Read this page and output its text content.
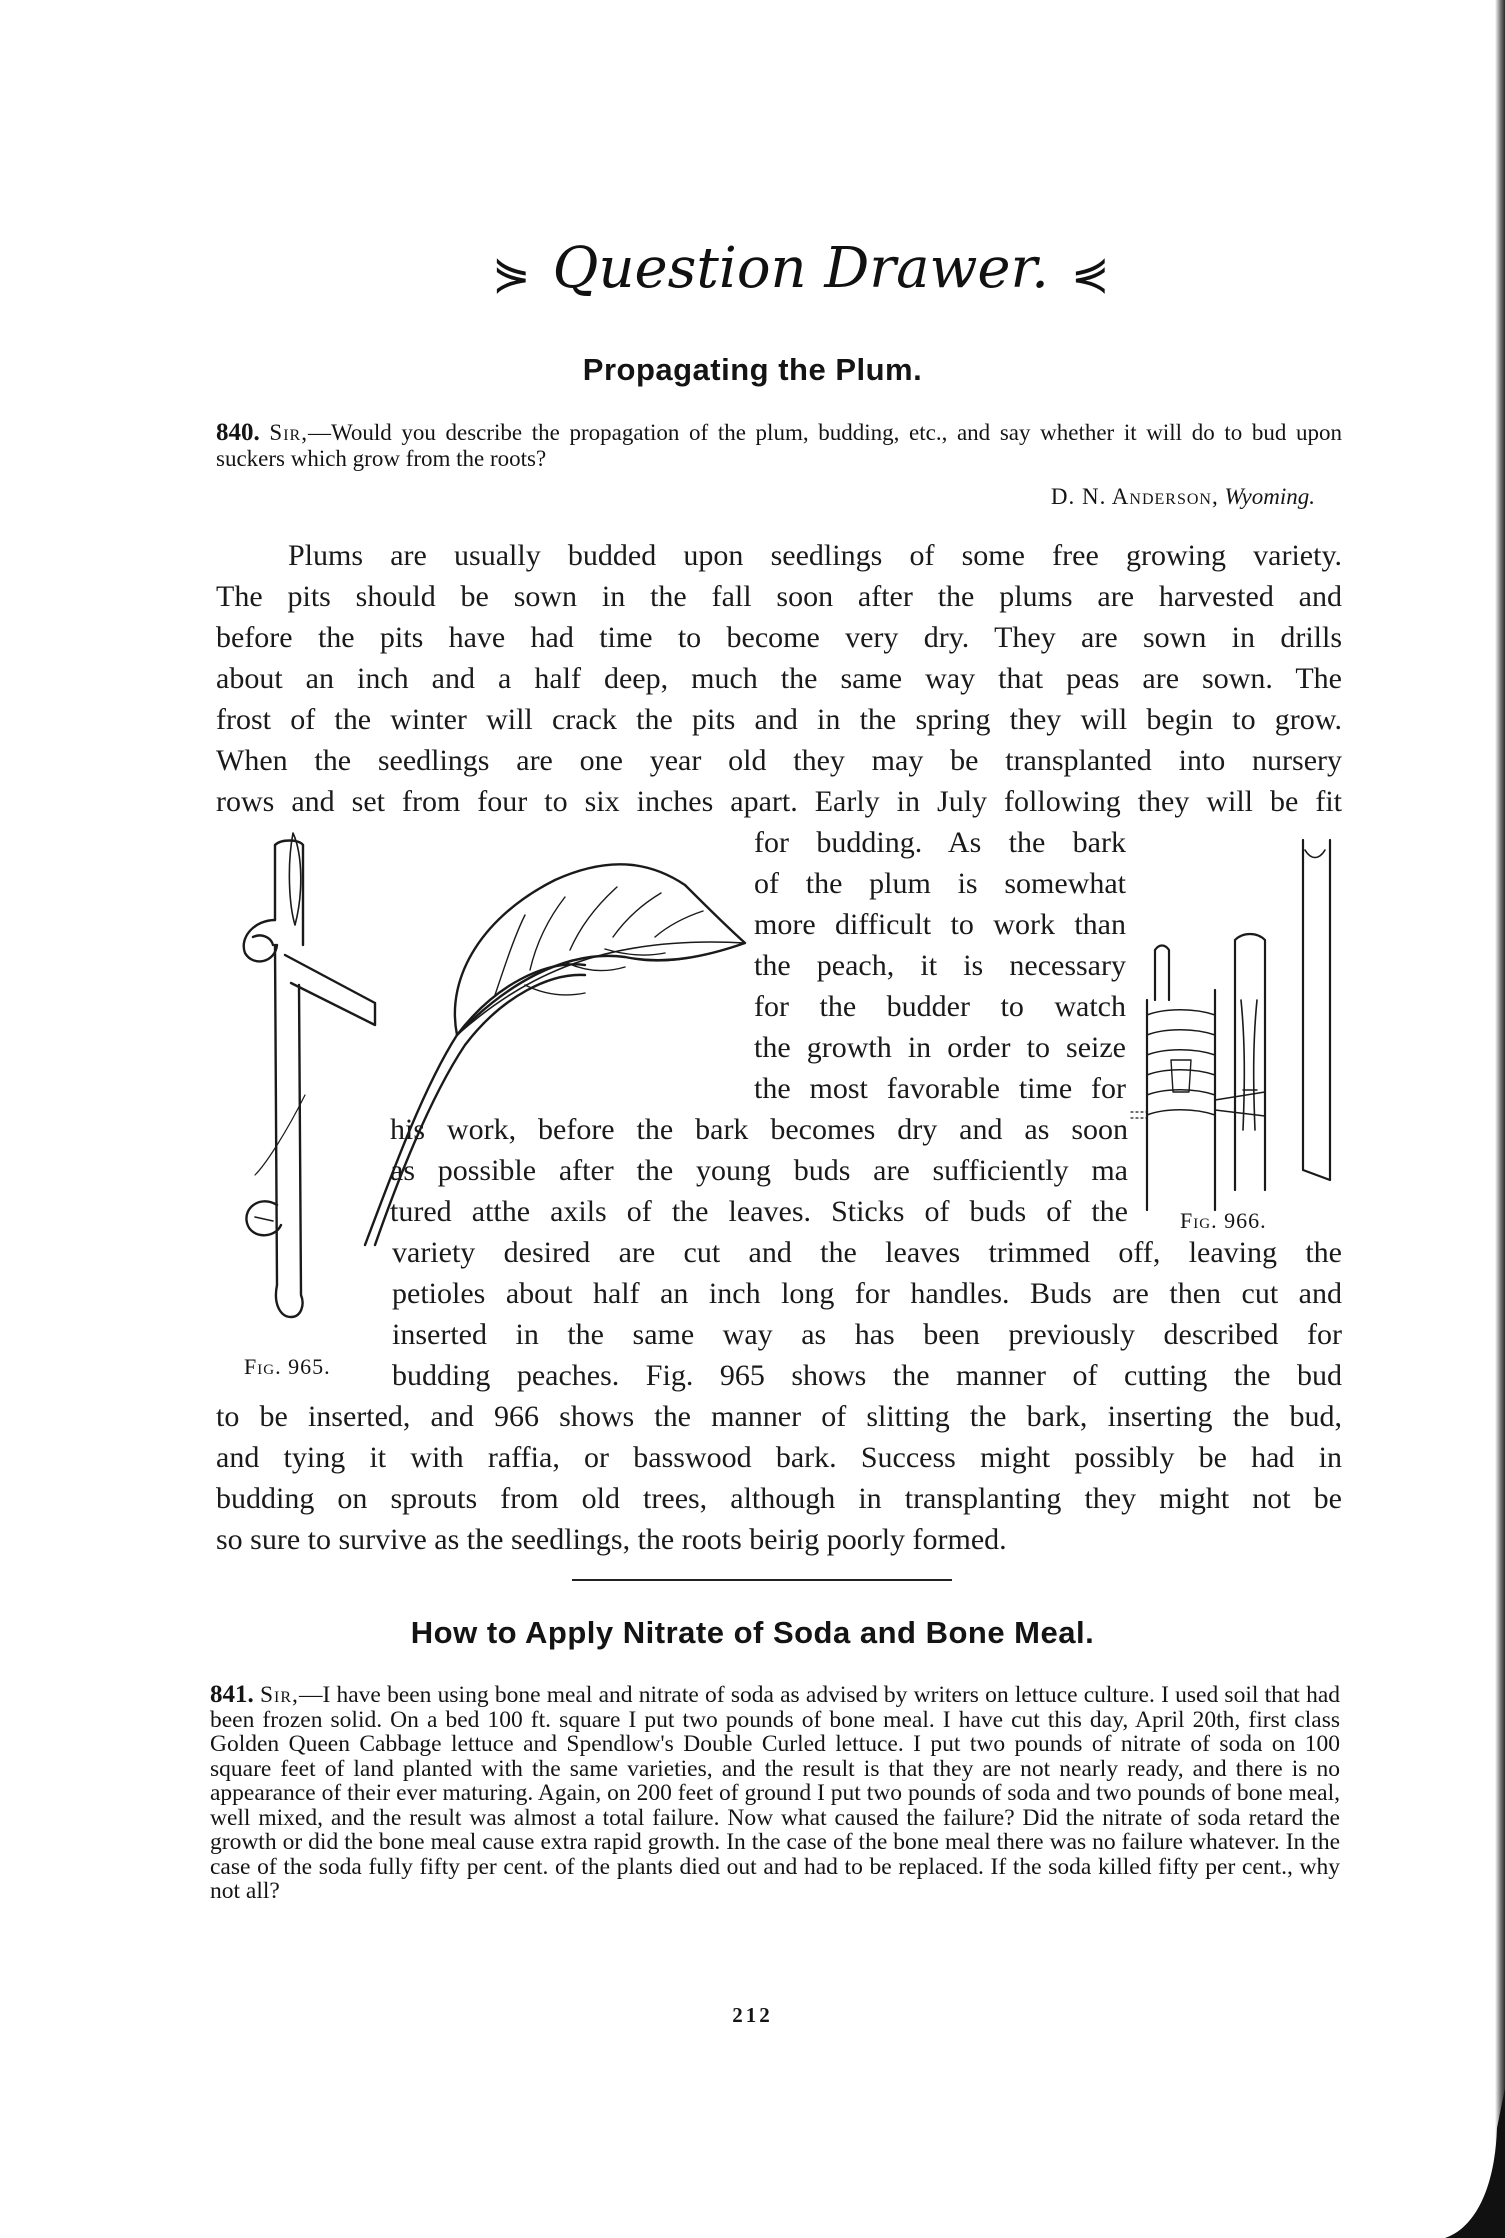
⋟ Question Drawer. ⋞
Propagating the Plum.
840. Sir,—Would you describe the propagation of the plum, budding, etc., and say whether it will do to bud upon suckers which grow from the roots?
D. N. Anderson, Wyoming.
Plums are usually budded upon seedlings of some free growing variety.
The pits should be sown in the fall soon after the plums are harvested and
before the pits have had time to become very dry. They are sown in drills
about an inch and a half deep, much the same way that peas are sown. The
frost of the winter will crack the pits and in the spring they will begin to grow.
When the seedlings are one year old they may be transplanted into nursery
rows and set from four to six inches apart. Early in July following they will be fit
for budding. As the bark
of the plum is somewhat
more difficult to work than
the peach, it is necessary
for the budder to watch
the growth in order to seize
the most favorable time for
his work, before the bark becomes dry and as soon
as possible after the young buds are sufficiently ma
tured atthe axils of the leaves. Sticks of buds of the
variety desired are cut and the leaves trimmed off, leaving the
petioles about half an inch long for handles. Buds are then cut and
inserted in the same way as has been previously described for
budding peaches. Fig. 965 shows the manner of cutting the bud
to be inserted, and 966 shows the manner of slitting the bark, inserting the bud,
and tying it with raffia, or basswood bark. Success might possibly be had in
budding on sprouts from old trees, although in transplanting they might not be
so sure to survive as the seedlings, the roots beirig poorly formed.
Fig. 965.
Fig. 966.
How to Apply Nitrate of Soda and Bone Meal.
841. Sir,—I have been using bone meal and nitrate of soda as advised by writers on lettuce culture. I used soil that had been frozen solid. On a bed 100 ft. square I put two pounds of bone meal. I have cut this day, April 20th, first class Golden Queen Cabbage lettuce and Spendlow's Double Curled lettuce. I put two pounds of nitrate of soda on 100 square feet of land planted with the same varieties, and the result is that they are not nearly ready, and there is no appearance of their ever maturing. Again, on 200 feet of ground I put two pounds of soda and two pounds of bone meal, well mixed, and the result was almost a total failure. Now what caused the failure? Did the nitrate of soda retard the growth or did the bone meal cause extra rapid growth. In the case of the bone meal there was no failure whatever. In the case of the soda fully fifty per cent. of the plants died out and had to be replaced. If the soda killed fifty per cent., why not all?
212
